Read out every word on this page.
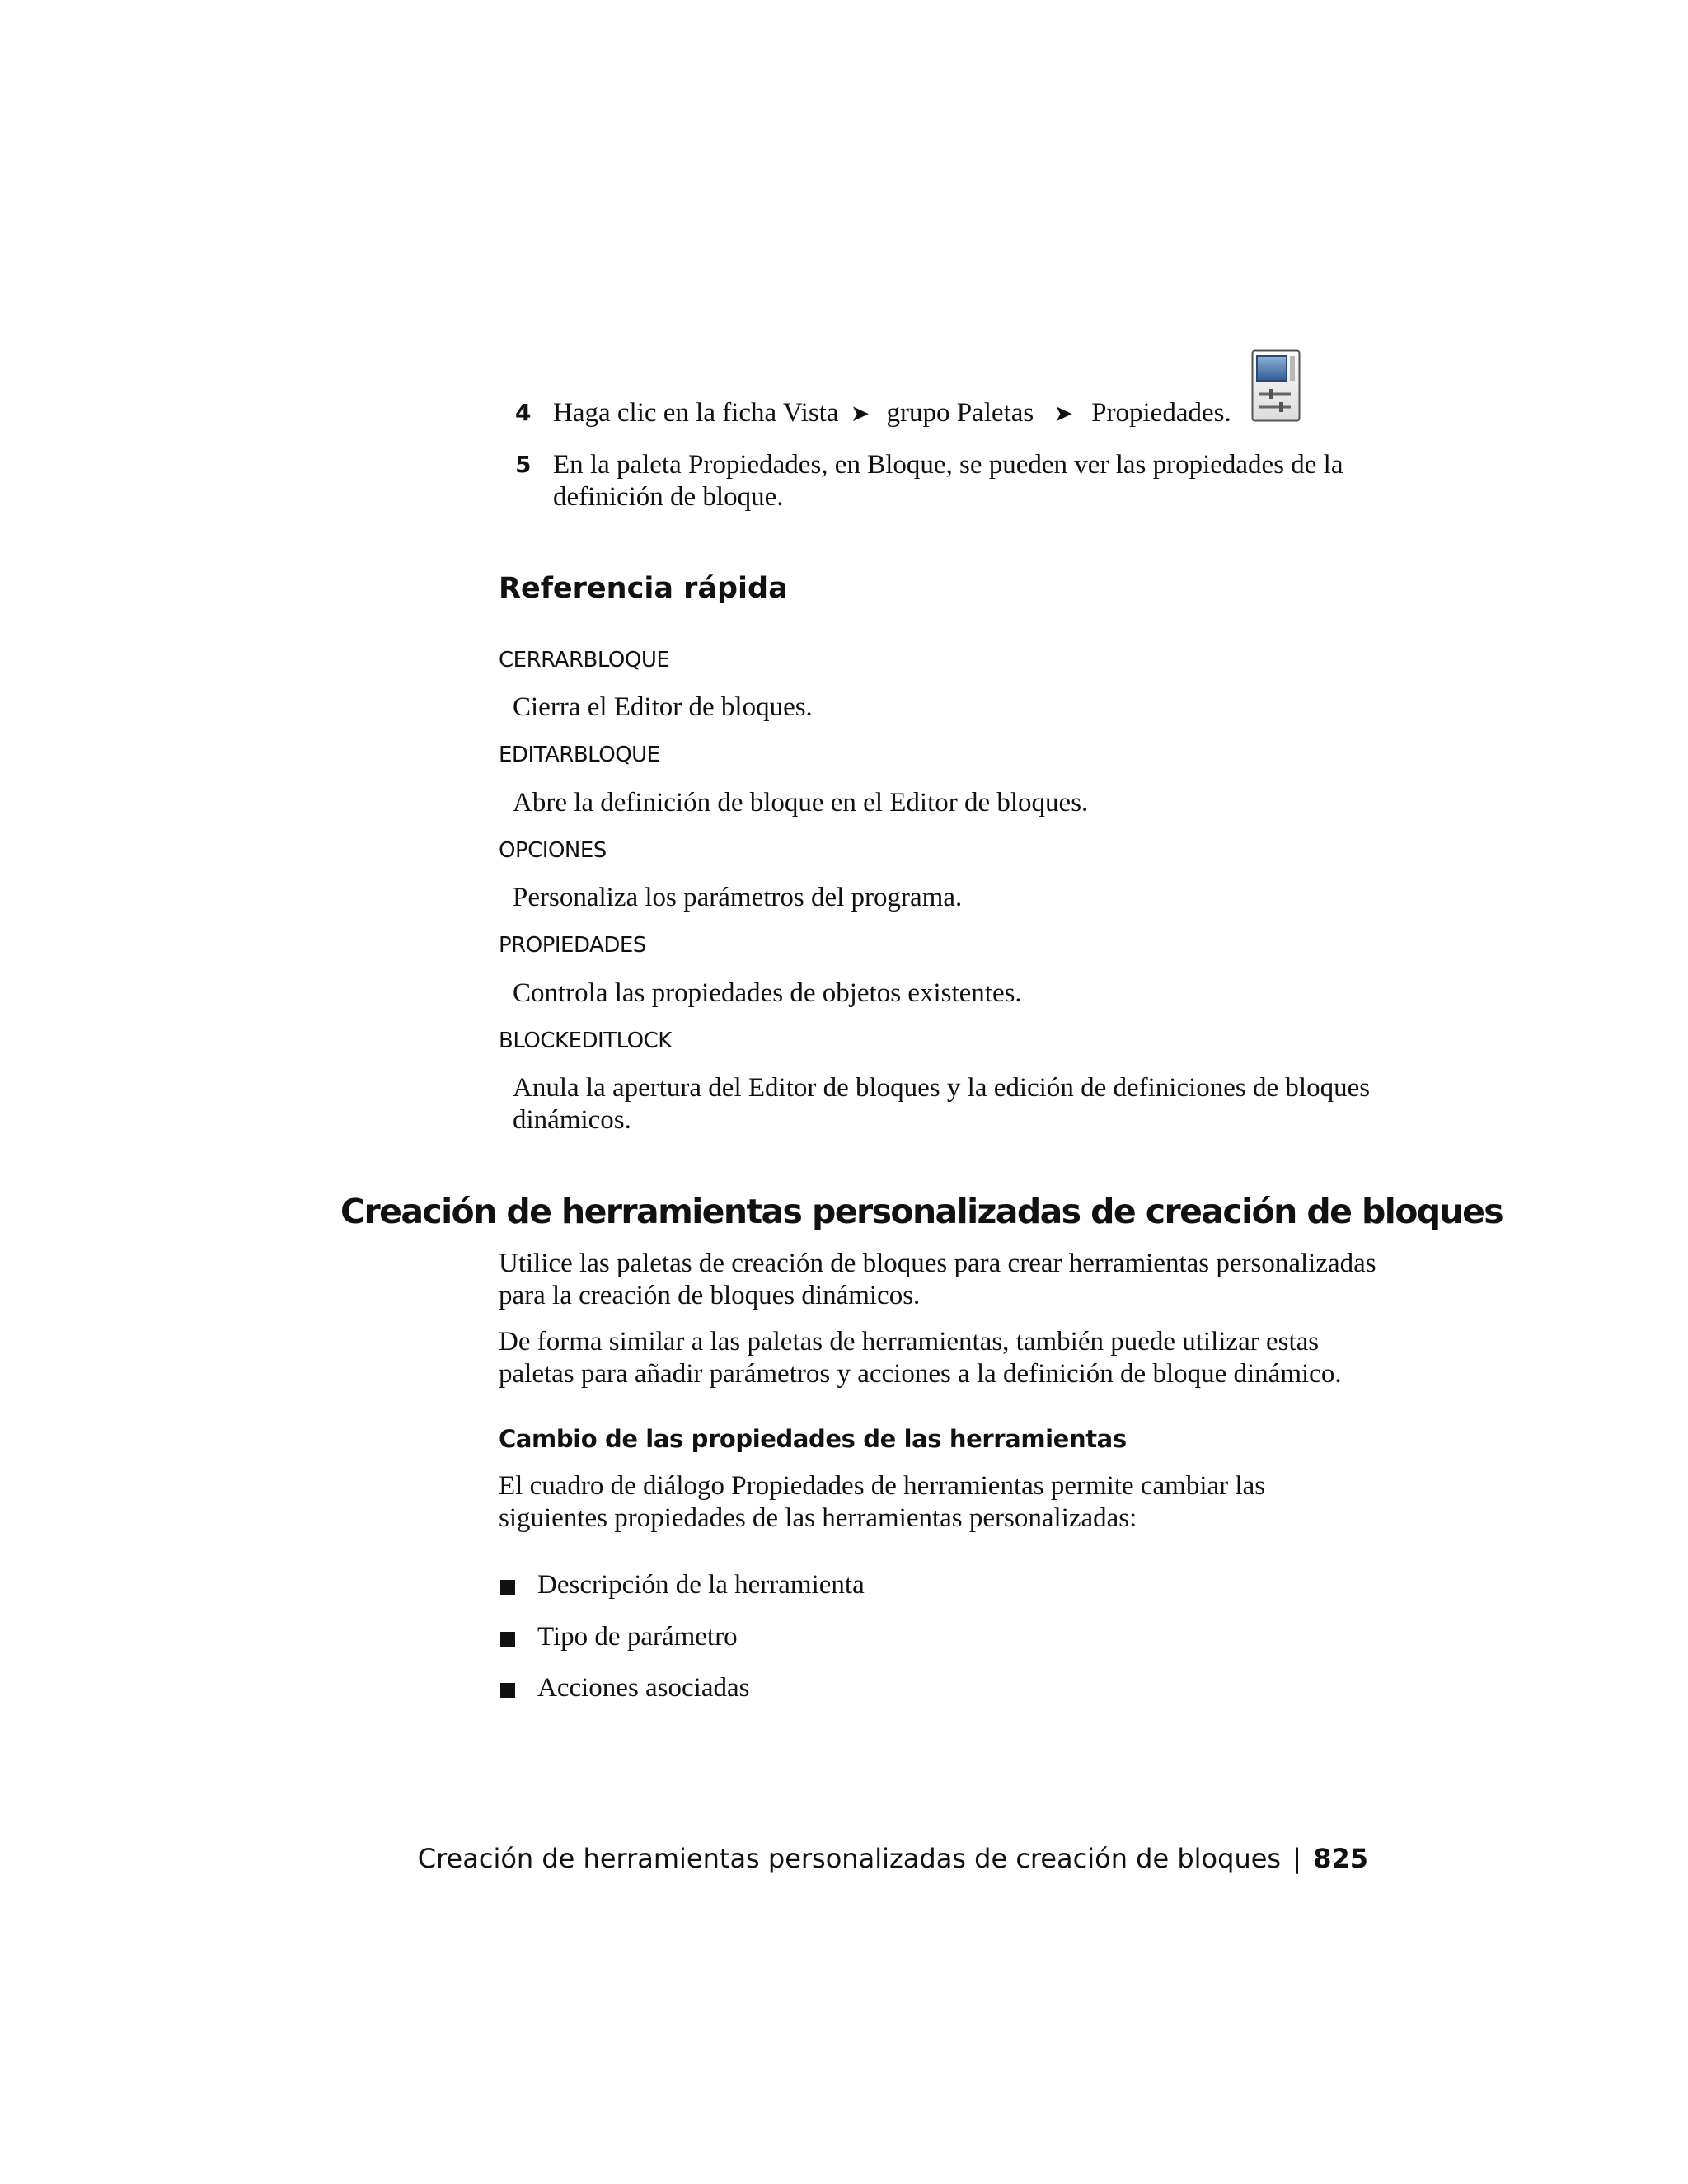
4 Haga clic en la ficha Vista ➤ grupo Paletas ➤ Propiedades.
5 En la paleta Propiedades, en Bloque, se pueden ver las propiedades de la
definición de bloque.
Referencia rápida
CERRARBLOQUE
Cierra el Editor de bloques.
EDITARBLOQUE
Abre la definición de bloque en el Editor de bloques.
OPCIONES
Personaliza los parámetros del programa.
PROPIEDADES
Controla las propiedades de objetos existentes.
BLOCKEDITLOCK
Anula la apertura del Editor de bloques y la edición de definiciones de bloques
dinámicos.
Creación de herramientas personalizadas de creación de bloques
Utilice las paletas de creación de bloques para crear herramientas personalizadas
para la creación de bloques dinámicos.
De forma similar a las paletas de herramientas, también puede utilizar estas
paletas para añadir parámetros y acciones a la definición de bloque dinámico.
Cambio de las propiedades de las herramientas
El cuadro de diálogo Propiedades de herramientas permite cambiar las
siguientes propiedades de las herramientas personalizadas:
Descripción de la herramienta
Tipo de parámetro
Acciones asociadas
Creación de herramientas personalizadas de creación de bloques | 825
